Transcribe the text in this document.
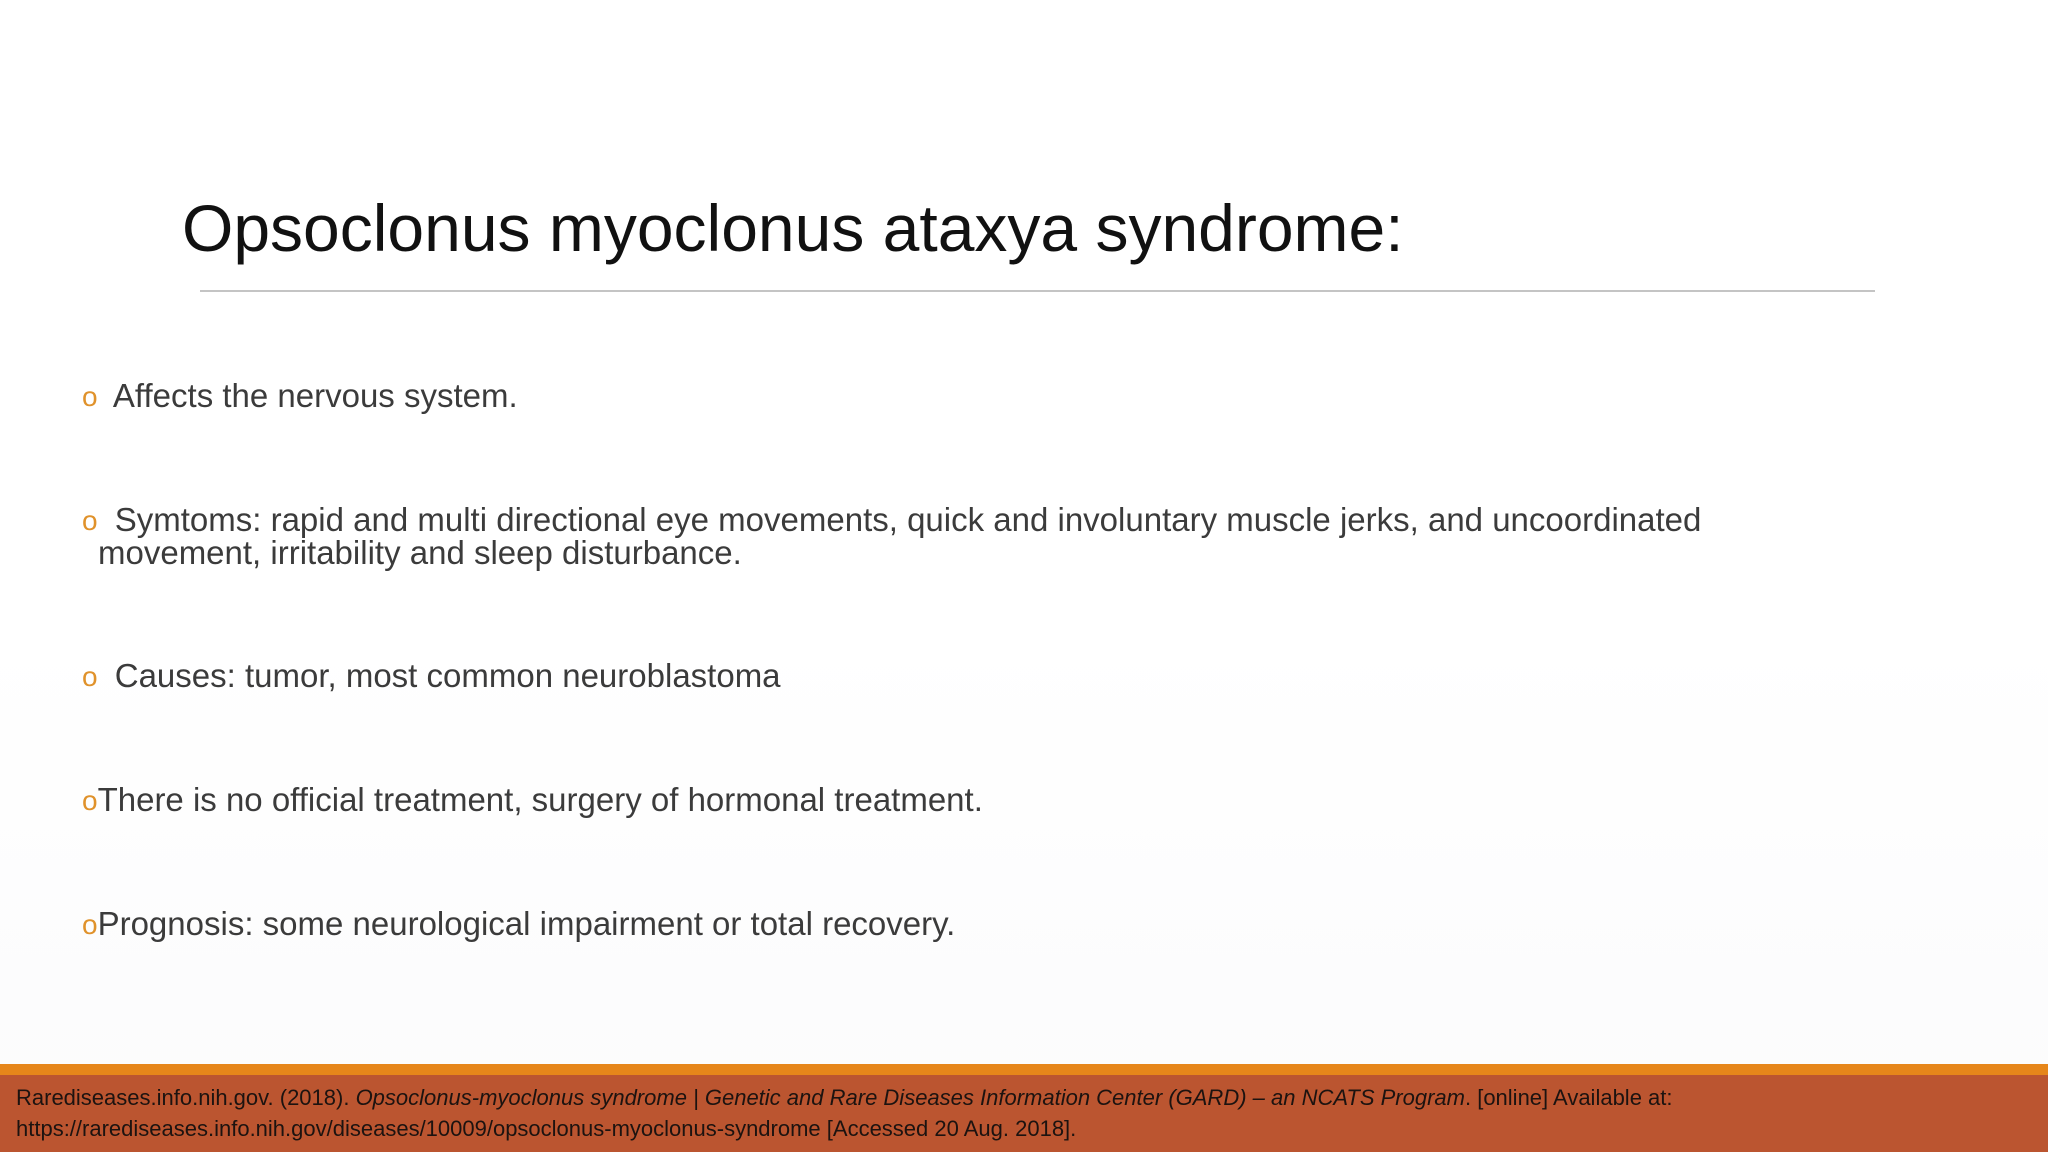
Opsoclonus myoclonus ataxya syndrome:
o Affects the nervous system.
o Symtoms: rapid and multi directional eye movements, quick and involuntary muscle jerks, and uncoordinated
movement, irritability and sleep disturbance.
o Causes: tumor, most common neuroblastoma
oThere is no official treatment, surgery of hormonal treatment.
oPrognosis: some neurological impairment or total recovery.
Rarediseases.info.nih.gov. (2018). Opsoclonus-myoclonus syndrome | Genetic and Rare Diseases Information Center (GARD) – an NCATS Program. [online] Available at:
https://rarediseases.info.nih.gov/diseases/10009/opsoclonus-myoclonus-syndrome [Accessed 20 Aug. 2018].
